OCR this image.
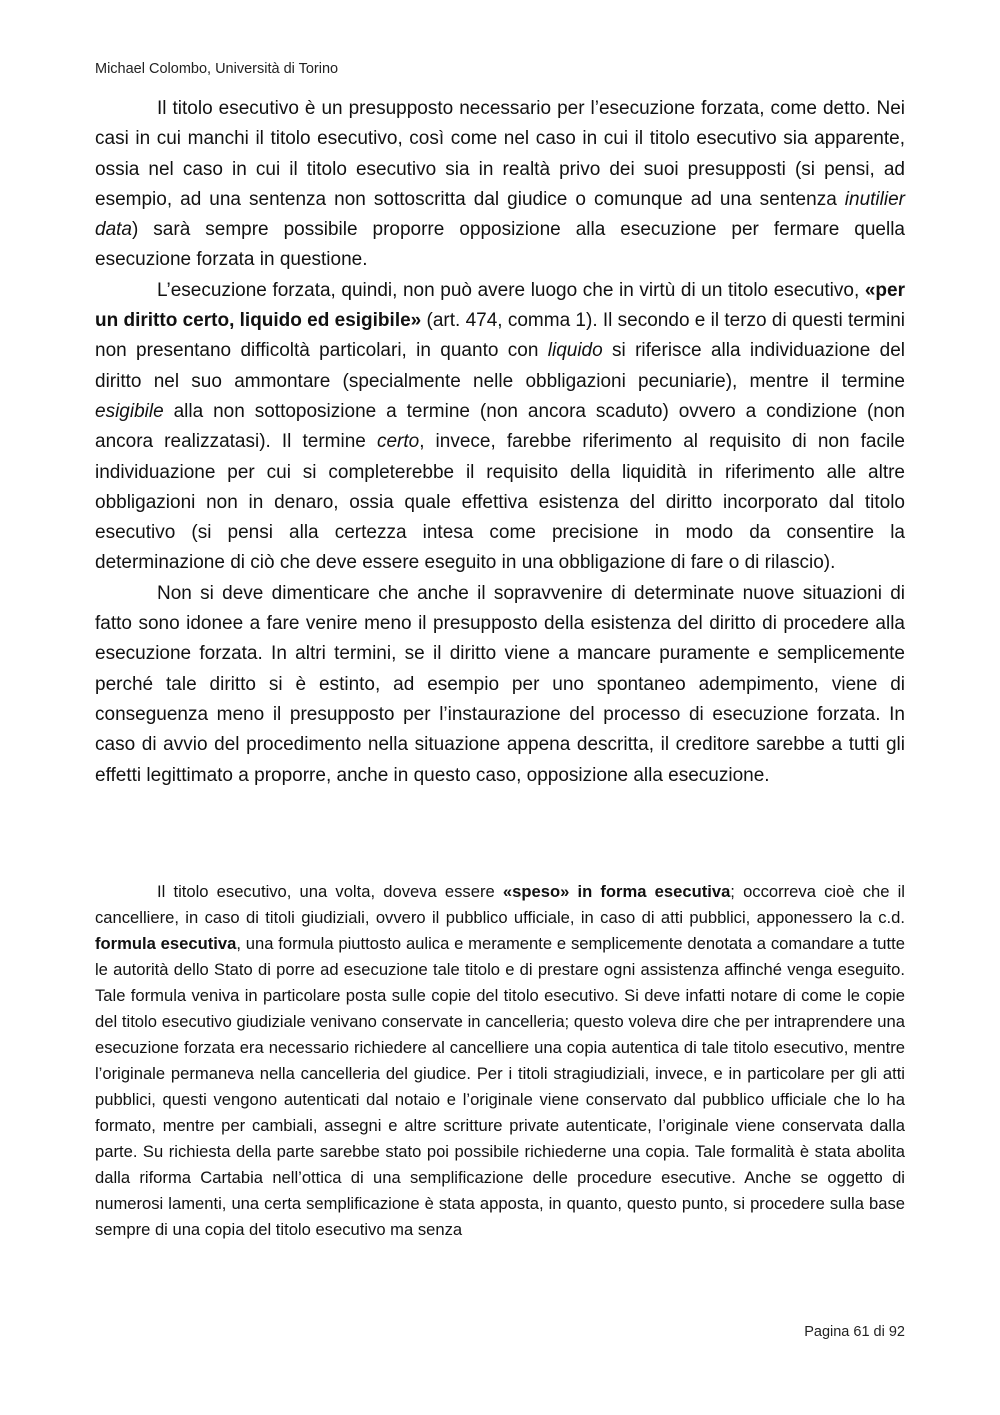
Michael Colombo, Università di Torino

Il titolo esecutivo è un presupposto necessario per l’esecuzione forzata, come detto. Nei casi in cui manchi il titolo esecutivo, così come nel caso in cui il titolo esecutivo sia apparente, ossia nel caso in cui il titolo esecutivo sia in realtà privo dei suoi presupposti (si pensi, ad esempio, ad una sentenza non sottoscritta dal giudice o comunque ad una sentenza inutilier data) sarà sempre possibile proporre opposizione alla esecuzione per fermare quella esecuzione forzata in questione.

L’esecuzione forzata, quindi, non può avere luogo che in virtù di un titolo esecutivo, «per un diritto certo, liquido ed esigibile» (art. 474, comma 1). Il secondo e il terzo di questi termini non presentano difficoltà particolari, in quanto con liquido si riferisce alla individuazione del diritto nel suo ammontare (specialmente nelle obbligazioni pecuniarie), mentre il termine esigibile alla non sottoposizione a termine (non ancora scaduto) ovvero a condizione (non ancora realizzatasi). Il termine certo, invece, farebbe riferimento al requisito di non facile individuazione per cui si completerebbe il requisito della liquidità in riferimento alle altre obbligazioni non in denaro, ossia quale effettiva esistenza del diritto incorporato dal titolo esecutivo (si pensi alla certezza intesa come precisione in modo da consentire la determinazione di ciò che deve essere eseguito in una obbligazione di fare o di rilascio).

Non si deve dimenticare che anche il sopravvenire di determinate nuove situazioni di fatto sono idonee a fare venire meno il presupposto della esistenza del diritto di procedere alla esecuzione forzata. In altri termini, se il diritto viene a mancare puramente e semplicemente perché tale diritto si è estinto, ad esempio per uno spontaneo adempimento, viene di conseguenza meno il presupposto per l’instaurazione del processo di esecuzione forzata. In caso di avvio del procedimento nella situazione appena descritta, il creditore sarebbe a tutti gli effetti legittimato a proporre, anche in questo caso, opposizione alla esecuzione.

Il titolo esecutivo, una volta, doveva essere «speso» in forma esecutiva; occorreva cioè che il cancelliere, in caso di titoli giudiziali, ovvero il pubblico ufficiale, in caso di atti pubblici, apponessero la c.d. formula esecutiva, una formula piuttosto aulica e meramente e semplicemente denotata a comandare a tutte le autorità dello Stato di porre ad esecuzione tale titolo e di prestare ogni assistenza affinché venga eseguito. Tale formula veniva in particolare posta sulle copie del titolo esecutivo. Si deve infatti notare di come le copie del titolo esecutivo giudiziale venivano conservate in cancelleria; questo voleva dire che per intraprendere una esecuzione forzata era necessario richiedere al cancelliere una copia autentica di tale titolo esecutivo, mentre l’originale permaneva nella cancelleria del giudice. Per i titoli stragiudiziali, invece, e in particolare per gli atti pubblici, questi vengono autenticati dal notaio e l’originale viene conservato dal pubblico ufficiale che lo ha formato, mentre per cambiali, assegni e altre scritture private autenticate, l’originale viene conservata dalla parte. Su richiesta della parte sarebbe stato poi possibile richiederne una copia. Tale formalità è stata abolita dalla riforma Cartabia nell’ottica di una semplificazione delle procedure esecutive. Anche se oggetto di numerosi lamenti, una certa semplificazione è stata apposta, in quanto, questo punto, si procedere sulla base sempre di una copia del titolo esecutivo ma senza

Pagina 61 di 92
